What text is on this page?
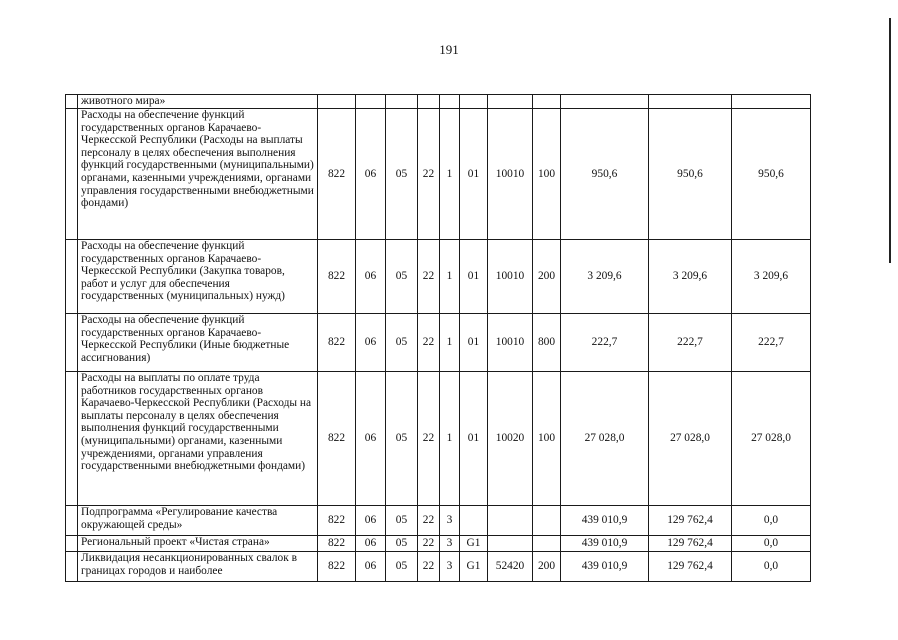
191
	животного мира»											
	Расходы на обеспечение функций государственных органов Карачаево-Черкесской Республики (Расходы на выплаты персоналу в целях обеспечения выполнения функций государственными (муниципальными) органами, казенными учреждениями, органами управления государственными внебюджетными фондами)	822	06	05	22	1	01	10010	100	950,6	950,6	950,6
	Расходы на обеспечение функций государственных органов Карачаево-Черкесской Республики (Закупка товаров, работ и услуг для обеспечения государственных (муниципальных) нужд)	822	06	05	22	1	01	10010	200	3 209,6	3 209,6	3 209,6
	Расходы на обеспечение функций государственных органов Карачаево-Черкесской Республики (Иные бюджетные ассигнования)	822	06	05	22	1	01	10010	800	222,7	222,7	222,7
	Расходы на выплаты по оплате труда работников государственных органов Карачаево-Черкесской Республики (Расходы на выплаты персоналу в целях обеспечения выполнения функций государственными (муниципальными) органами, казенными учреждениями, органами управления государственными внебюджетными фондами)	822	06	05	22	1	01	10020	100	27 028,0	27 028,0	27 028,0
	Подпрограмма «Регулирование качества окружающей среды»	822	06	05	22	3				439 010,9	129 762,4	0,0
	Региональный проект «Чистая страна»	822	06	05	22	3	G1			439 010,9	129 762,4	0,0
	Ликвидация несанкционированных свалок в границах городов и наиболее	822	06	05	22	3	G1	52420	200	439 010,9	129 762,4	0,0
